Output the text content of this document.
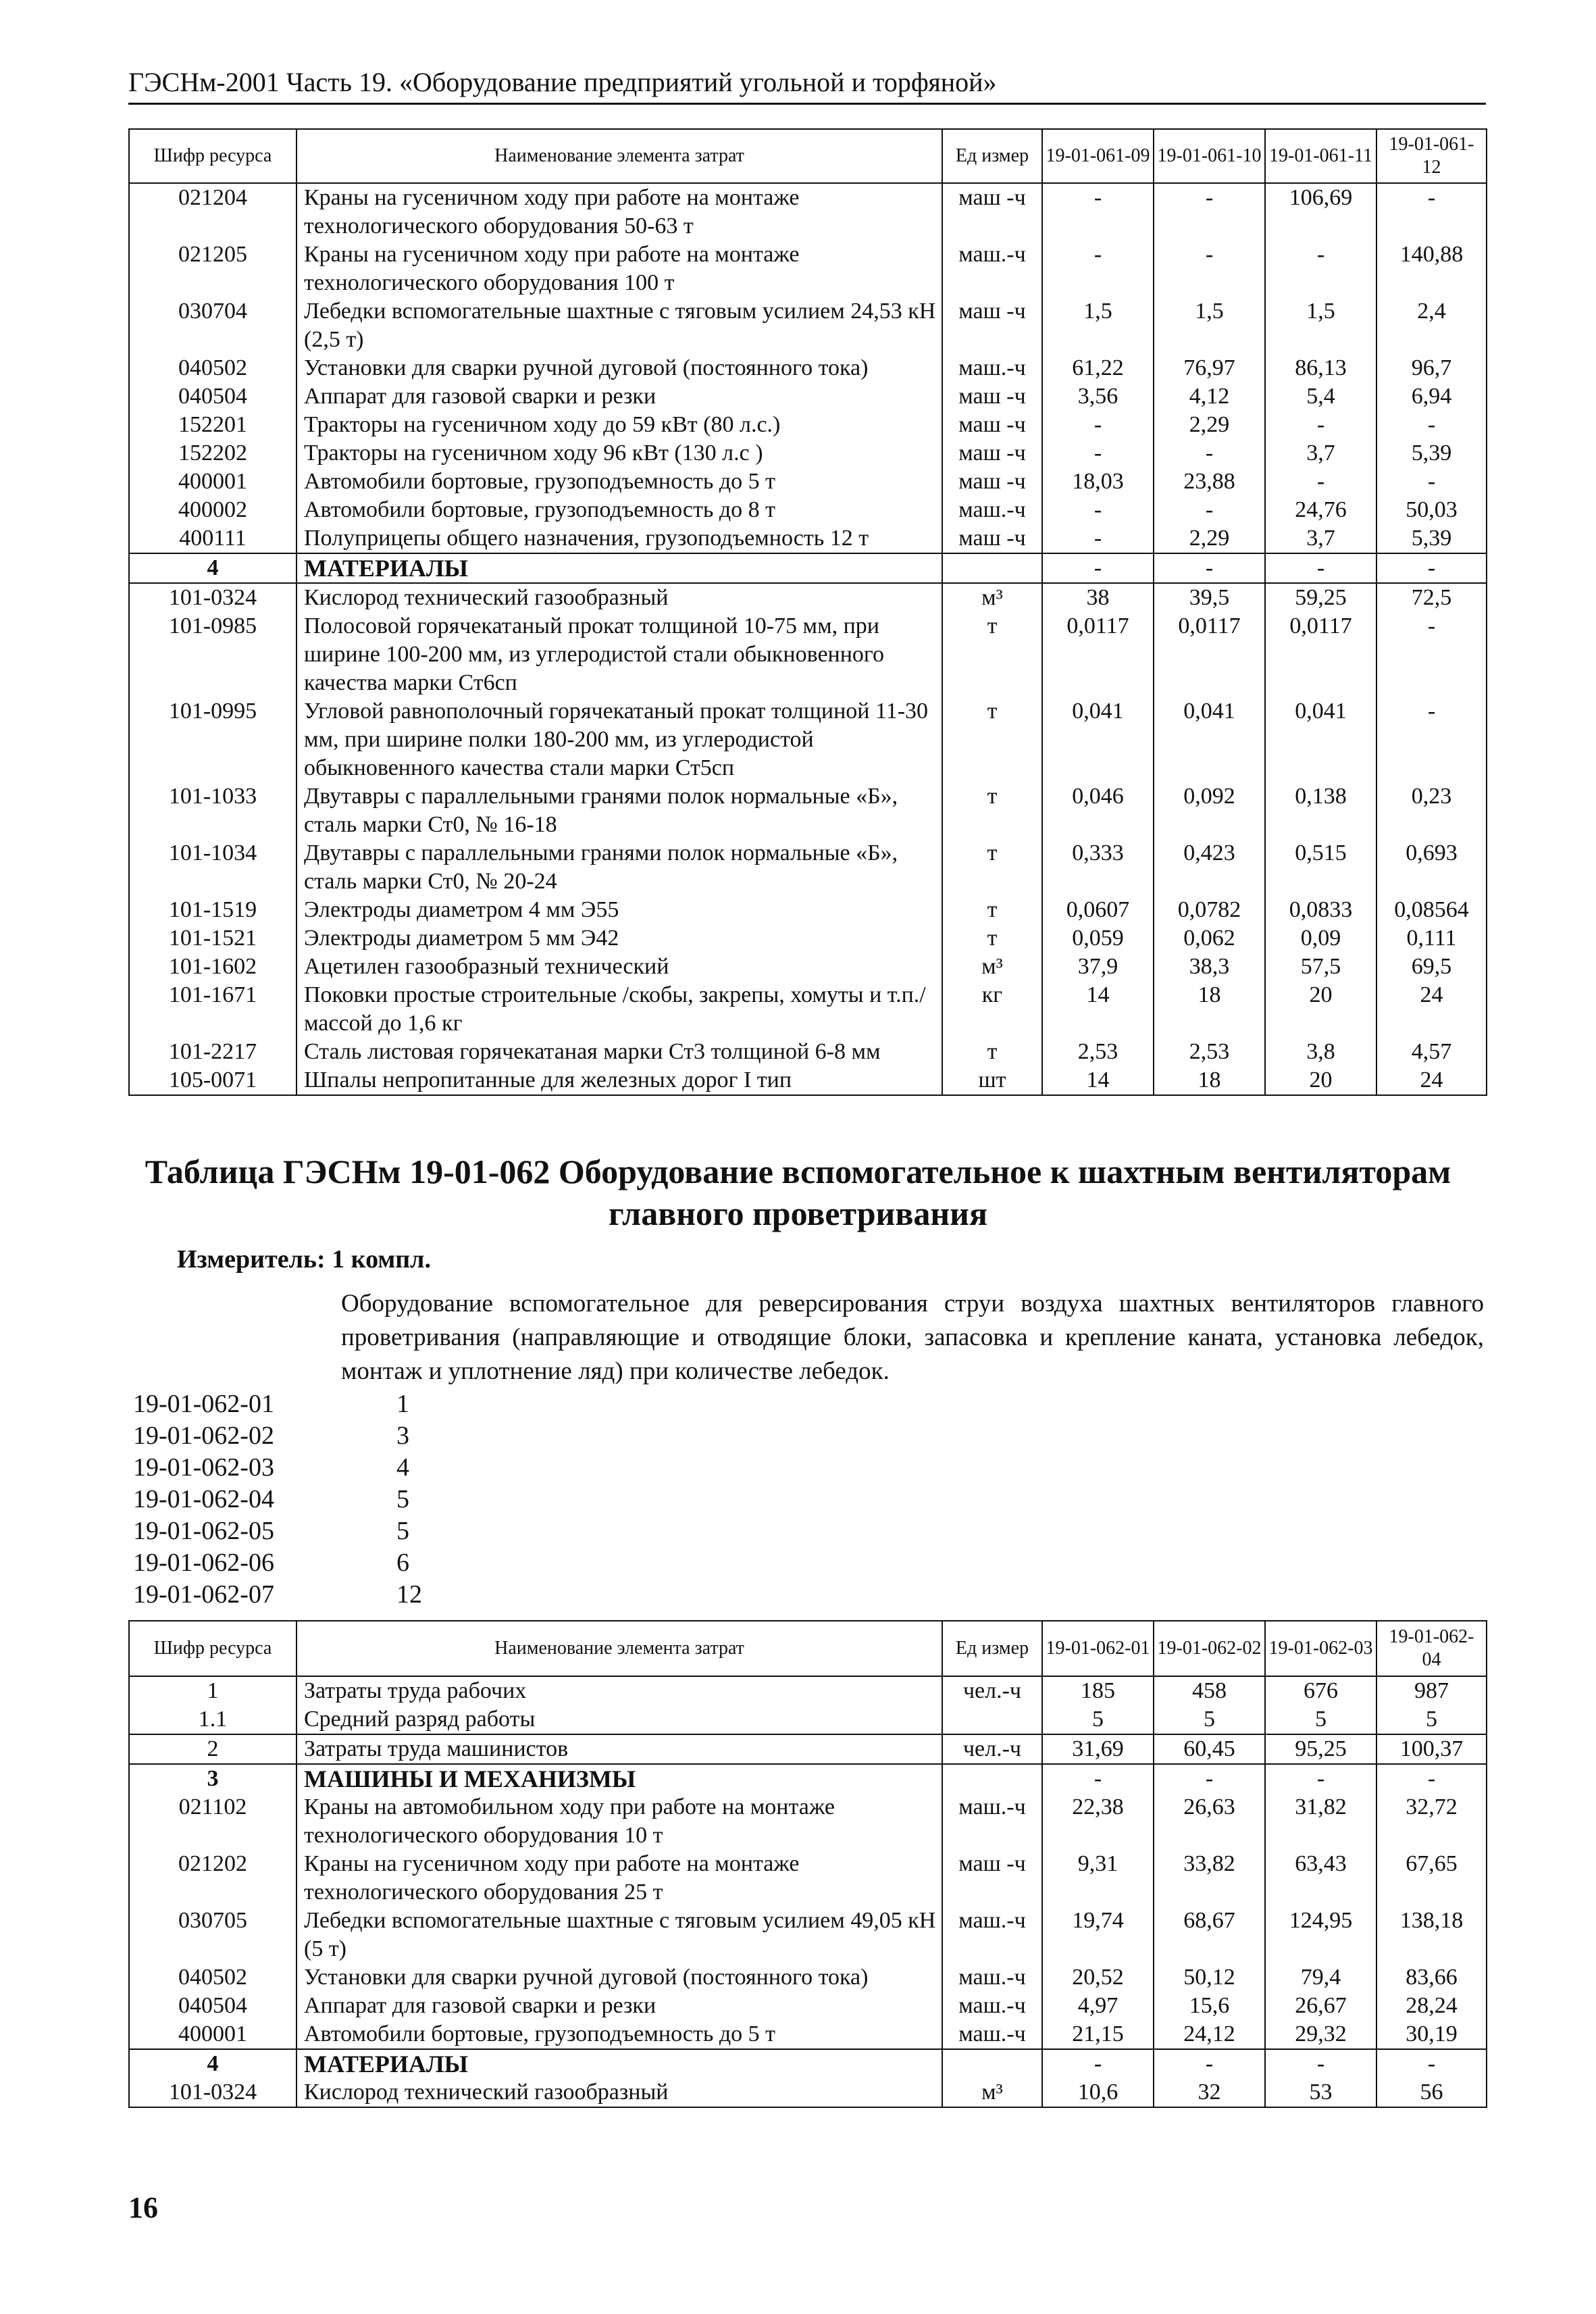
ГЭСНм-2001 Часть 19. «Оборудование предприятий угольной и торфяной»
Шифр ресурса	Наименование элемента затрат	Ед измер	19-01-061-09	19-01-061-10	19-01-061-11	19-01-061-12
021204	Краны на гусеничном ходу при работе на монтаже технологического оборудования 50-63 т	маш -ч	-	-	106,69	-
021205	Краны на гусеничном ходу при работе на монтаже технологического оборудования 100 т	маш.-ч	-	-	-	140,88
030704	Лебедки вспомогательные шахтные с тяговым усилием 24,53 кН (2,5 т)	маш -ч	1,5	1,5	1,5	2,4
040502	Установки для сварки ручной дуговой (постоянного тока)	маш.-ч	61,22	76,97	86,13	96,7
040504	Аппарат для газовой сварки и резки	маш -ч	3,56	4,12	5,4	6,94
152201	Тракторы на гусеничном ходу до 59 кВт (80 л.с.)	маш -ч	-	2,29	-	-
152202	Тракторы на гусеничном ходу 96 кВт (130 л.с )	маш -ч	-	-	3,7	5,39
400001	Автомобили бортовые, грузоподъемность до 5 т	маш -ч	18,03	23,88	-	-
400002	Автомобили бортовые, грузоподъемность до 8 т	маш.-ч	-	-	24,76	50,03
400111	Полуприцепы общего назначения, грузоподъемность 12 т	маш -ч	-	2,29	3,7	5,39
4	МАТЕРИАЛЫ		-	-	-	-
101-0324	Кислород технический газообразный	м³	38	39,5	59,25	72,5
101-0985	Полосовой горячекатаный прокат толщиной 10-75 мм, при ширине 100-200 мм, из углеродистой стали обыкновенного качества марки Ст6сп	т	0,0117	0,0117	0,0117	-
101-0995	Угловой равнополочный горячекатаный прокат толщиной 11-30 мм, при ширине полки 180-200 мм, из углеродистой обыкновенного качества стали марки Ст5сп	т	0,041	0,041	0,041	-
101-1033	Двутавры с параллельными гранями полок нормальные «Б», сталь марки Ст0, № 16-18	т	0,046	0,092	0,138	0,23
101-1034	Двутавры с параллельными гранями полок нормальные «Б», сталь марки Ст0, № 20-24	т	0,333	0,423	0,515	0,693
101-1519	Электроды диаметром 4 мм Э55	т	0,0607	0,0782	0,0833	0,08564
101-1521	Электроды диаметром 5 мм Э42	т	0,059	0,062	0,09	0,111
101-1602	Ацетилен газообразный технический	м³	37,9	38,3	57,5	69,5
101-1671	Поковки простые строительные /скобы, закрепы, хомуты и т.п./ массой до 1,6 кг	кг	14	18	20	24
101-2217	Сталь листовая горячекатаная марки Ст3 толщиной 6-8 мм	т	2,53	2,53	3,8	4,57
105-0071	Шпалы непропитанные для железных дорог I тип	шт	14	18	20	24
Таблица ГЭСНм 19-01-062 Оборудование вспомогательное к шахтным вентиляторам
главного проветривания
Измеритель: 1 компл.
Оборудование вспомогательное для реверсирования струи воздуха шахтных вентиляторов главного проветривания (направляющие и отводящие блоки, запасовка и крепление каната, установка лебедок, монтаж и уплотнение ляд) при количестве лебедок.
19-01-062-01	1
19-01-062-02	3
19-01-062-03	4
19-01-062-04	5
19-01-062-05	5
19-01-062-06	6
19-01-062-07	12
Шифр ресурса	Наименование элемента затрат	Ед измер	19-01-062-01	19-01-062-02	19-01-062-03	19-01-062-04
1	Затраты труда рабочих	чел.-ч	185	458	676	987
1.1	Средний разряд работы		5	5	5	5
2	Затраты труда машинистов	чел.-ч	31,69	60,45	95,25	100,37
3	МАШИНЫ И МЕХАНИЗМЫ		-	-	-	-
021102	Краны на автомобильном ходу при работе на монтаже технологического оборудования 10 т	маш.-ч	22,38	26,63	31,82	32,72
021202	Краны на гусеничном ходу при работе на монтаже технологического оборудования 25 т	маш -ч	9,31	33,82	63,43	67,65
030705	Лебедки вспомогательные шахтные с тяговым усилием 49,05 кН (5 т)	маш.-ч	19,74	68,67	124,95	138,18
040502	Установки для сварки ручной дуговой (постоянного тока)	маш.-ч	20,52	50,12	79,4	83,66
040504	Аппарат для газовой сварки и резки	маш.-ч	4,97	15,6	26,67	28,24
400001	Автомобили бортовые, грузоподъемность до 5 т	маш.-ч	21,15	24,12	29,32	30,19
4	МАТЕРИАЛЫ		-	-	-	-
101-0324	Кислород технический газообразный	м³	10,6	32	53	56
16
